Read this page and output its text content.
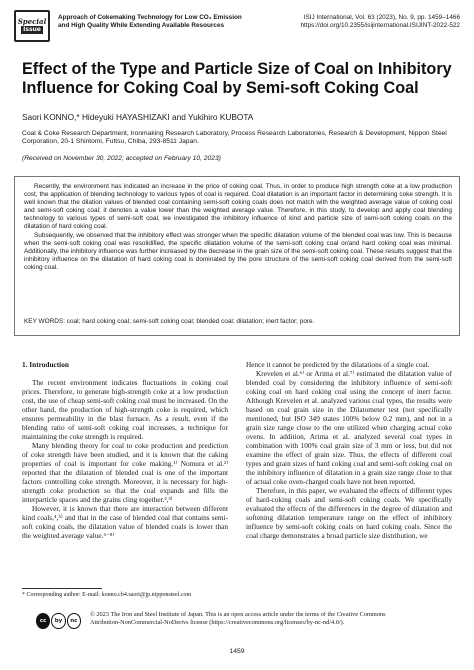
Special
Issue
Approach of Cokemaking Technology for Low CO₂ Emission
and High Quality While Extending Available Resources
ISIJ International, Vol. 63 (2023), No. 9, pp. 1459–1466
https://doi.org/10.2355/isijinternational.ISIJINT-2022-522
Effect of the Type and Particle Size of Coal on Inhibitory Influence for Coking Coal by Semi-soft Coking Coal
Saori KONNO,* Hideyuki HAYASHIZAKI and Yukihiro KUBOTA
Coal & Coke Research Department, Ironmaking Research Laboratory, Process Research Laboratories, Research & Development, Nippon Steel Corporation, 20-1 Shintomi, Futtsu, Chiba, 293-8511 Japan.
(Received on November 30, 2022; accepted on February 10, 2023)

Recently, the environment has indicated an increase in the price of coking coal. Thus, in order to produce high strength coke at a low production cost, the application of blending technology to various types of coal is required. Coal dilatation is an important factor in determining coke strength. It is well known that the dilation values of blended coal containing semi-soft coking coals does not match with the weighted average value of coking coal and semi-soft coking coal; it denotes a value lower than the weighted average value. Therefore, in this study, to develop and apply coal blending technology to various types of semi-soft coal, we investigated the inhibitory influence of kind and particle size of semi-soft coking coals on the dilatation of hard coking coal.

Subsequently, we observed that the inhibitory effect was stronger when the specific dilatation volume of the blended coal was low. This is because when the semi-soft coking coal was resolidified, the specific dilatation volume of the semi-soft coking coal or/and hard coking coal was minimal. Additionally, the inhibitory influence was further increased by the decrease in the grain size of the semi-soft coking coal. These results suggest that the inhibitory influence on the dilatation of hard coking coal is dominated by the pore structure of the semi-soft coking coal derived from the semi-soft coking coal.

KEY WORDS: coal; hard coking coal; semi-soft coking coal; blended coal; dilatation; inert factor; pore.
1. Introduction

The recent environment indicates fluctuations in coking coal prices. Therefore, to generate high-strength coke at a low production cost, the use of cheap semi-soft coking coal must be increased. On the other hand, the production of high-strength coke is required, which ensures permeability in the blast furnace. As a result, even if the blending ratio of semi-soft coking coal increases, a technique for maintaining the coke strength is required.

Many blending theory for coal to coke production and prediction of coke strength have been studied, and it is known that the caking properties of coal is important for coke making.¹⁾ Nomura et al.²⁾ reported that the dilatation of blended coal is one of the important factors controlling coke strength. Moreover, it is necessary for high-strength coke production so that the coal expands and fills the interparticle spaces and the grains cling together.²,³⁾

However, it is known that there are interaction between different kind coals,⁴,⁵⁾ and that in the case of blended coal that contains semi-soft coking coals, the dilatation value of blended coals is lower than the weighted average value.⁶⁻⁸⁾

Hence it cannot be predicted by the dilatations of a single coal.

Krevelen et al.⁶⁾ or Arima et al.⁷⁾ estimated the dilatation value of blended coal by considering the inhibitory influence of semi-soft coking coal on hard coking coal using the concept of inert factor. Although Krevelen et al. analyzed various coal types, the results were based on coal grain size in the Dilatometer test (not specifically mentioned, but ISO 349 states 100% below 0.2 mm), and not in a grain size range close to the one utilized when charging actual coke ovens. In addition, Arima et al. analyzed several coal types in combination with 100% coal grain size of 3 mm or less, but did not examine the effect of grain size. Thus, the effects of different coal types and grain sizes of hard coking coal and semi-soft coking coal on the inhibitory influence of dilatation in a grain size range close to that of actual coke oven-charged coals have not been reported.

Therefore, in this paper, we evaluated the effects of different types of hard-coking coals and semi-soft coking coals. We specifically evaluated the effects of the differences in the degree of dilatation and softening dilatation temperature range on the effect of inhibitory influence by semi-soft coking coals on hard coking coals. Since the coal charge demonstrates a broad particle size distribution, we

* Corresponding author: E-mail: konno.cb4.saori@jp.nipponsteel.com
cc	by	nc
© 2023 The Iron and Steel Institute of Japan. This is an open access article under the terms of the Creative Commons
Attribution-NonCommercial-NoDerivs license (https://creativecommons.org/licenses/by-nc-nd/4.0/).
1459
